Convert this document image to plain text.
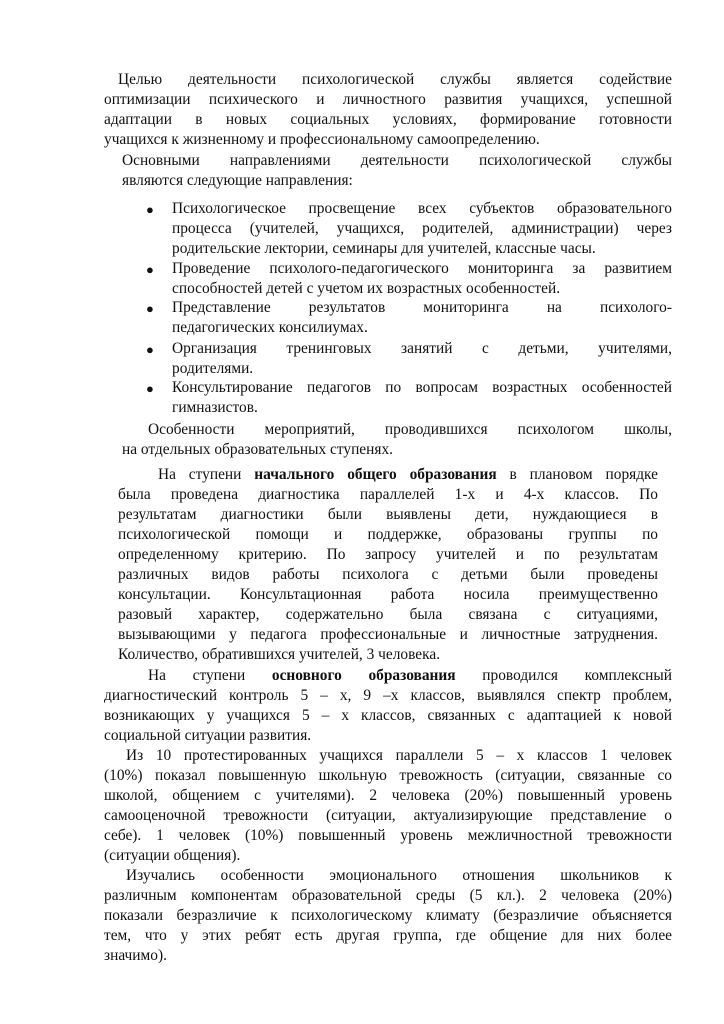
Целью деятельности психологической службы является содействие
оптимизации психического и личностного развития учащихся, успешной
адаптации в новых социальных условиях, формирование готовности
учащихся к жизненному и профессиональному самоопределению.
Основными направлениями деятельности психологической службы
являются следующие направления:
● Психологическое просвещение всех субъектов образовательного
процесса (учителей, учащихся, родителей, администрации) через
родительские лектории, семинары для учителей, классные часы.
● Проведение психолого-педагогического мониторинга за развитием
способностей детей с учетом их возрастных особенностей.
● Представление результатов мониторинга на психолого-
педагогических консилиумах.
● Организация тренинговых занятий с детьми, учителями,
родителями.
● Консультирование педагогов по вопросам возрастных особенностей
гимназистов.
Особенности мероприятий, проводившихся психологом школы,
на отдельных образовательных ступенях.
На ступени начального общего образования в плановом порядке
была проведена диагностика параллелей 1-х и 4-х классов. По
результатам диагностики были выявлены дети, нуждающиеся в
психологической помощи и поддержке, образованы группы по
определенному критерию. По запросу учителей и по результатам
различных видов работы психолога с детьми были проведены
консультации. Консультационная работа носила преимущественно
разовый характер, содержательно была связана с ситуациями,
вызывающими у педагога профессиональные и личностные затруднения.
Количество, обратившихся учителей, 3 человека.
На ступени основного образования проводился комплексный
диагностический контроль 5 – х, 9 –х классов, выявлялся спектр проблем,
возникающих у учащихся 5 – х классов, связанных с адаптацией к новой
социальной ситуации развития.
Из 10 протестированных учащихся параллели 5 – х классов 1 человек
(10%) показал повышенную школьную тревожность (ситуации, связанные со
школой, общением с учителями). 2 человека (20%) повышенный уровень
самооценочной тревожности (ситуации, актуализирующие представление о
себе). 1 человек (10%) повышенный уровень межличностной тревожности
(ситуации общения).
Изучались особенности эмоционального отношения школьников к
различным компонентам образовательной среды (5 кл.). 2 человека (20%)
показали безразличие к психологическому климату (безразличие объясняется
тем, что у этих ребят есть другая группа, где общение для них более
значимо).
